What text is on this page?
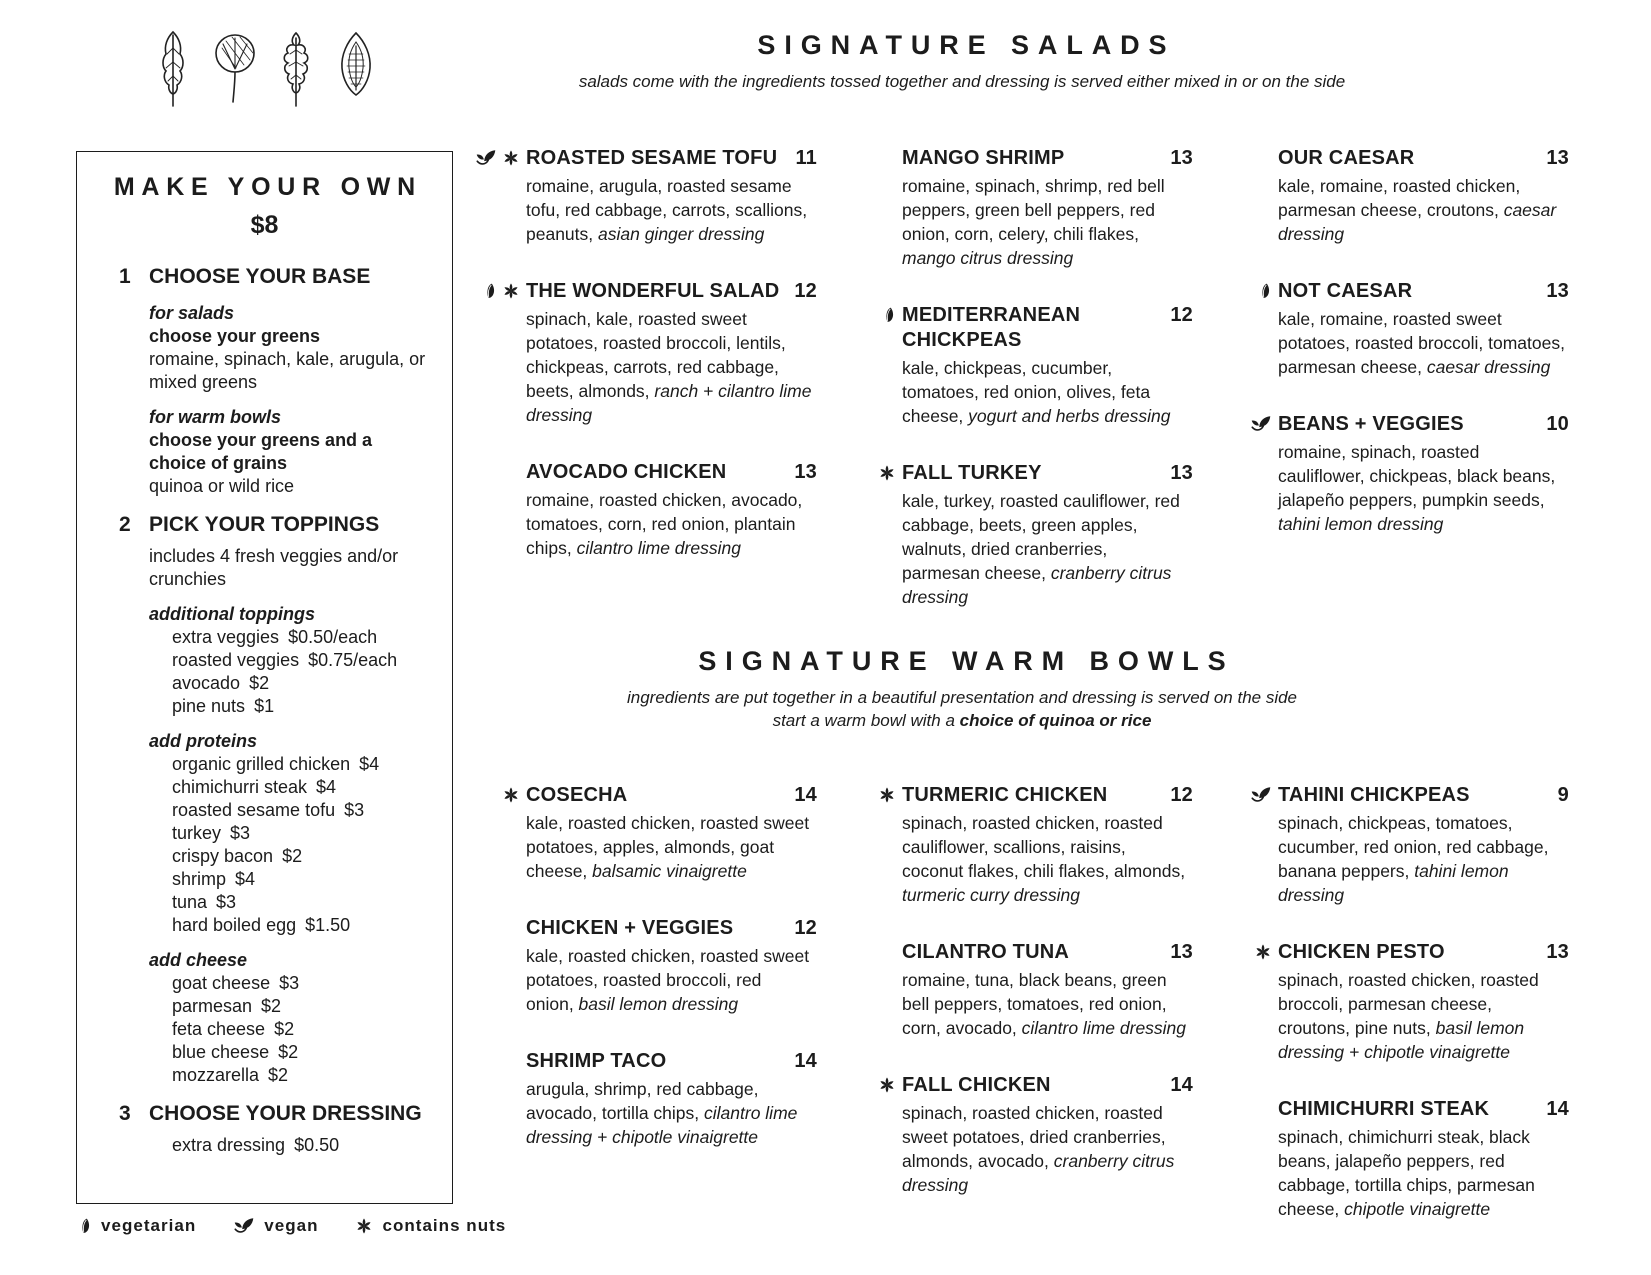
SIGNATURE SALADS
salads come with the ingredients tossed together and dressing is served either mixed in or on the side
MAKE YOUR OWN
$8
1 CHOOSE YOUR BASE
for salads
choose your greens
romaine, spinach, kale, arugula, or mixed greens
for warm bowls
choose your greens and a choice of grains
quinoa or wild rice
2 PICK YOUR TOPPINGS
includes 4 fresh veggies and/or crunchies
additional toppings
extra veggies $0.50/each
roasted veggies $0.75/each
avocado $2
pine nuts $1
add proteins
organic grilled chicken $4
chimichurri steak $4
roasted sesame tofu $3
turkey $3
crispy bacon $2
shrimp $4
tuna $3
hard boiled egg $1.50
add cheese
goat cheese $3
parmesan $2
feta cheese $2
blue cheese $2
mozzarella $2
3 CHOOSE YOUR DRESSING
extra dressing $0.50
ROASTED SESAME TOFU 11

romaine, arugula, roasted sesame tofu, red cabbage, carrots, scallions, peanuts, asian ginger dressing

THE WONDERFUL SALAD 12

spinach, kale, roasted sweet potatoes, roasted broccoli, lentils, chickpeas, carrots, red cabbage, beets, almonds, ranch + cilantro lime dressing

AVOCADO CHICKEN	13

romaine, roasted chicken, avocado, tomatoes, corn, red onion, plantain chips, cilantro lime dressing

MANGO SHRIMP	13

romaine, spinach, shrimp, red bell peppers, green bell peppers, red onion, corn, celery, chili flakes, mango citrus dressing

MEDITERRANEAN CHICKPEAS
12

kale, chickpeas, cucumber, tomatoes, red onion, olives, feta cheese, yogurt and herbs dressing

FALL TURKEY	13

kale, turkey, roasted cauliflower, red cabbage, beets, green apples, walnuts, dried cranberries, parmesan cheese, cranberry citrus dressing

OUR CAESAR	13

kale, romaine, roasted chicken, parmesan cheese, croutons, caesar dressing

NOT CAESAR	13

kale, romaine, roasted sweet potatoes, roasted broccoli, tomatoes, parmesan cheese, caesar dressing

BEANS + VEGGIES	10

romaine, spinach, roasted cauliflower, chickpeas, black beans, jalapeño peppers, pumpkin seeds, tahini lemon dressing

SIGNATURE WARM BOWLS
ingredients are put together in a beautiful presentation and dressing is served on the side
start a warm bowl with a choice of quinoa or rice
COSECHA	14

kale, roasted chicken, roasted sweet potatoes, apples, almonds, goat cheese, balsamic vinaigrette

CHICKEN + VEGGIES	12

kale, roasted chicken, roasted sweet potatoes, roasted broccoli, red onion, basil lemon dressing

SHRIMP TACO	14

arugula, shrimp, red cabbage, avocado, tortilla chips, cilantro lime dressing + chipotle vinaigrette

TURMERIC CHICKEN	12

spinach, roasted chicken, roasted cauliflower, scallions, raisins, coconut flakes, chili flakes, almonds, turmeric curry dressing

CILANTRO TUNA	13

romaine, tuna, black beans, green bell peppers, tomatoes, red onion, corn, avocado, cilantro lime dressing

FALL CHICKEN	14

spinach, roasted chicken, roasted sweet potatoes, dried cranberries, almonds, avocado, cranberry citrus dressing

TAHINI CHICKPEAS	9

spinach, chickpeas, tomatoes, cucumber, red onion, red cabbage, banana peppers, tahini lemon dressing

CHICKEN PESTO	13

spinach, roasted chicken, roasted broccoli, parmesan cheese, croutons, pine nuts, basil lemon dressing + chipotle vinaigrette

CHIMICHURRI STEAK	14

spinach, chimichurri steak, black beans, jalapeño peppers, red cabbage, tortilla chips, parmesan cheese, chipotle vinaigrette

vegetarian	vegan	contains nuts
